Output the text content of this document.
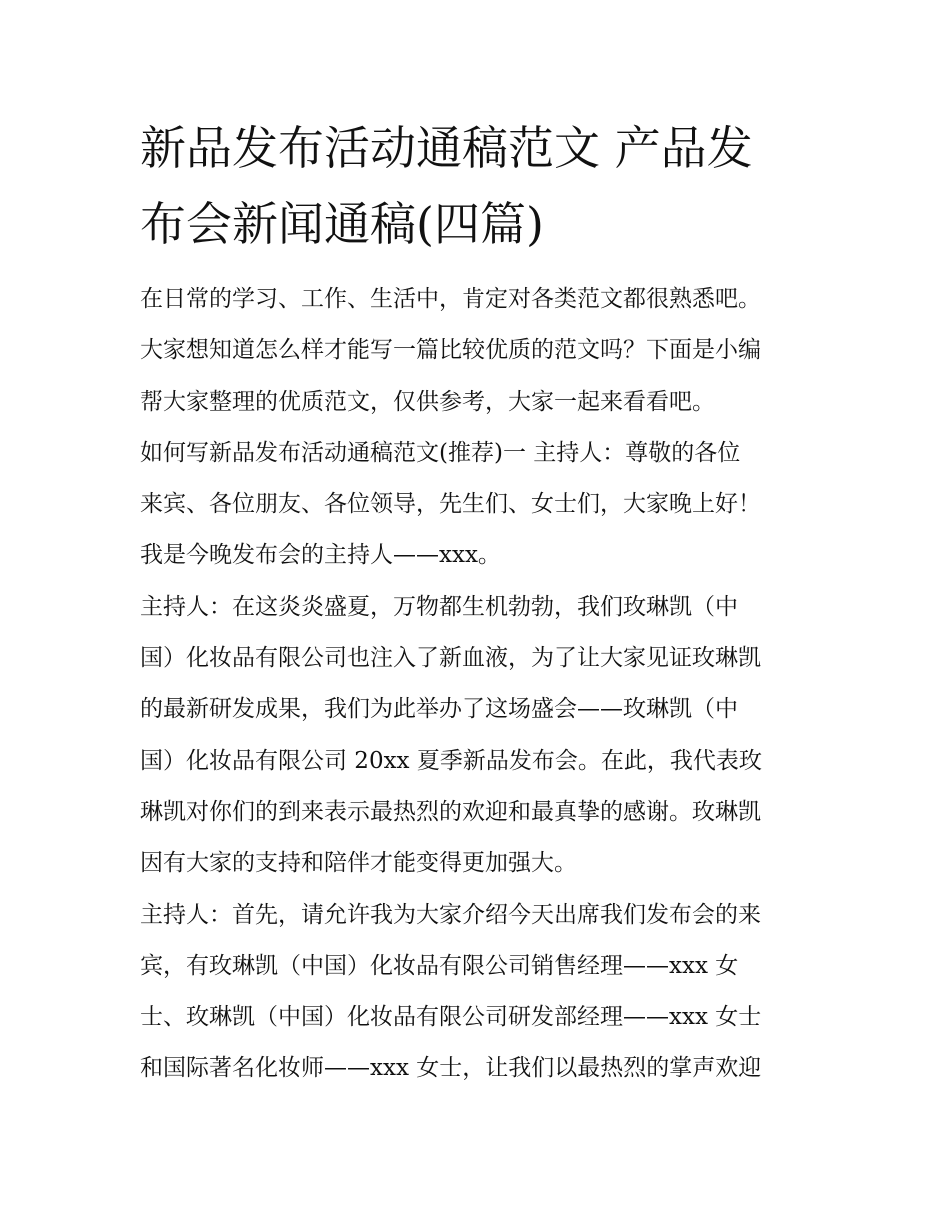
新品发布活动通稿范文 产品发
布会新闻通稿(四篇)
在日常的学习、工作、生活中，肯定对各类范文都很熟悉吧。
大家想知道怎么样才能写一篇比较优质的范文吗？下面是小编
帮大家整理的优质范文，仅供参考，大家一起来看看吧。
如何写新品发布活动通稿范文(推荐)一 主持人：尊敬的各位
来宾、各位朋友、各位领导，先生们、女士们，大家晚上好！
我是今晚发布会的主持人——xxx。
主持人：在这炎炎盛夏，万物都生机勃勃，我们玫琳凯（中
国）化妆品有限公司也注入了新血液，为了让大家见证玫琳凯
的最新研发成果，我们为此举办了这场盛会——玫琳凯（中
国）化妆品有限公司 20xx 夏季新品发布会。在此，我代表玫
琳凯对你们的到来表示最热烈的欢迎和最真挚的感谢。玫琳凯
因有大家的支持和陪伴才能变得更加强大。
主持人：首先，请允许我为大家介绍今天出席我们发布会的来
宾，有玫琳凯（中国）化妆品有限公司销售经理——xxx 女
士、玫琳凯（中国）化妆品有限公司研发部经理——xxx 女士
和国际著名化妆师——xxx 女士，让我们以最热烈的掌声欢迎
